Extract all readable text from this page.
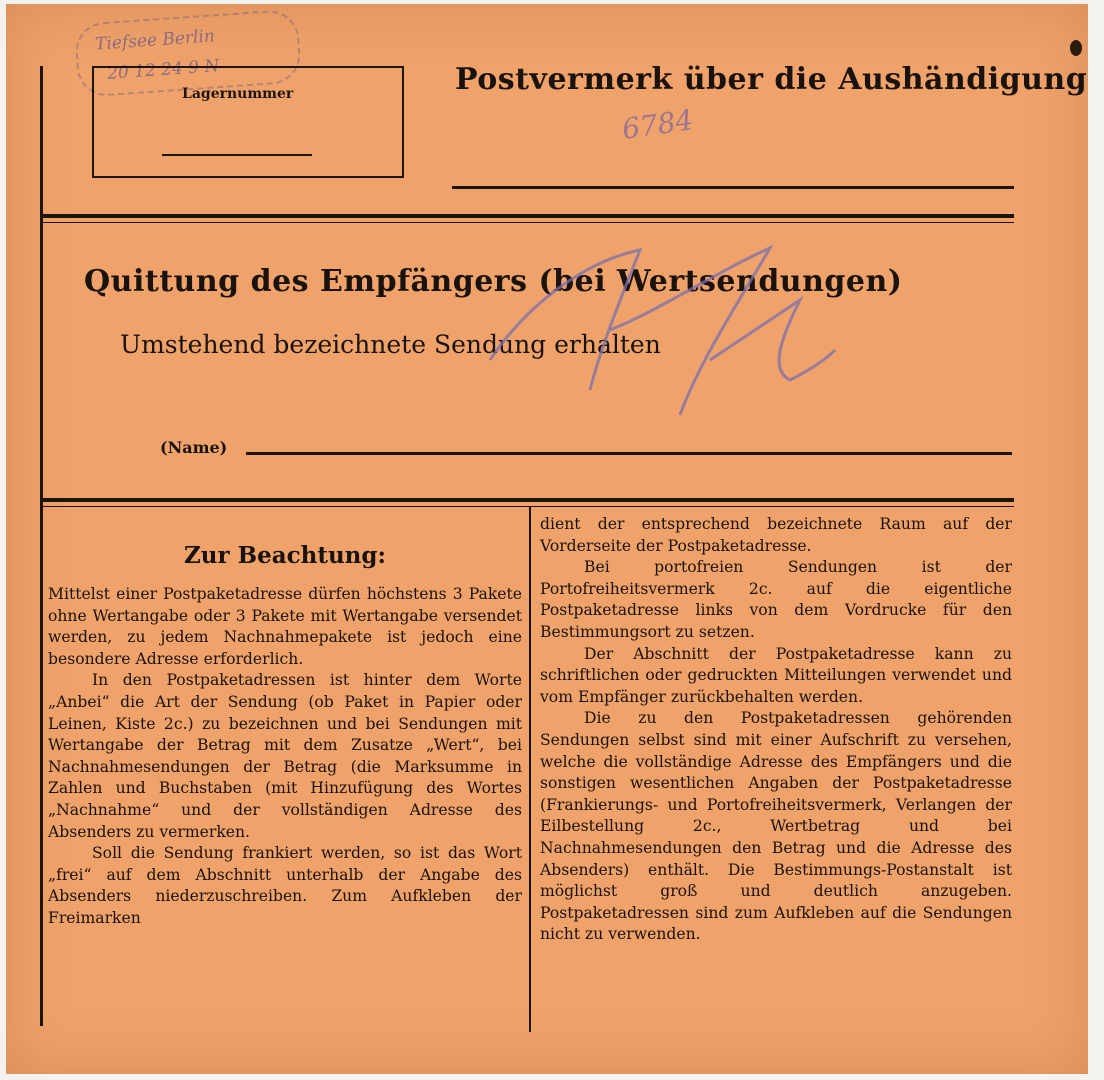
Tiefsee Berlin
20 12 24 9 N
Lagernummer	Postvermerk über die Aushändigung
6784
Quittung des Empfängers (bei Wertsendungen)
Umstehend bezeichnete Sendung erhalten
(Name)
Zur Beachtung:

Mittelst einer Postpaketadresse dürfen höchstens 3 Pakete ohne Wertangabe oder 3 Pakete mit Wertangabe versendet werden, zu jedem Nachnahmepakete ist jedoch eine besondere Adresse erforderlich.

In den Postpaketadressen ist hinter dem Worte „Anbei“ die Art der Sendung (ob Paket in Papier oder Leinen, Kiste 2c.) zu bezeichnen und bei Sendungen mit Wertangabe der Betrag mit dem Zusatze „Wert“, bei Nachnahmesendungen der Betrag (die Marksumme in Zahlen und Buchstaben (mit Hinzufügung des Wortes „Nachnahme“ und der vollständigen Adresse des Absenders zu vermerken.

Soll die Sendung frankiert werden, so ist das Wort „frei“ auf dem Abschnitt unterhalb der Angabe des Absenders niederzuschreiben. Zum Aufkleben der Freimarken

dient der entsprechend bezeichnete Raum auf der Vorderseite der Postpaketadresse.

Bei portofreien Sendungen ist der Portofreiheitsvermerk 2c. auf die eigentliche Postpaketadresse links von dem Vordrucke für den Bestimmungsort zu setzen.

Der Abschnitt der Postpaketadresse kann zu schriftlichen oder gedruckten Mitteilungen verwendet und vom Empfänger zurückbehalten werden.

Die zu den Postpaketadressen gehörenden Sendungen selbst sind mit einer Aufschrift zu versehen, welche die vollständige Adresse des Empfängers und die sonstigen wesentlichen Angaben der Postpaketadresse (Frankierungs- und Portofreiheitsvermerk, Verlangen der Eilbestellung 2c., Wertbetrag und bei Nachnahmesendungen den Betrag und die Adresse des Absenders) enthält. Die Bestimmungs-Postanstalt ist möglichst groß und deutlich anzugeben. Postpaketadressen sind zum Aufkleben auf die Sendungen nicht zu verwenden.
